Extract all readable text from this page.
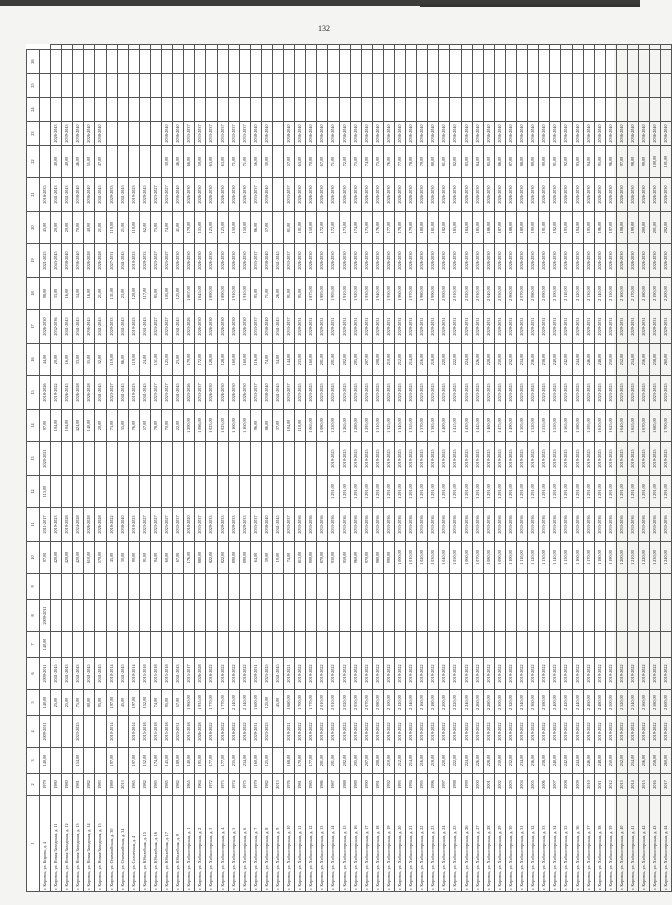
1	2	3	4	5	6	7	8	9	10	11	12	13	14	15	16	17	18	19	20	21	22	23	24	25	26	
г. Кировск, ул. Кирова, д. 4	1979	140,00	2009-2011	140,00	2009-2011	140,00	2009-2011		97,00	2011-2017	113,00	2020-2021	97,00	2018-2026	44,00	2026-2030	98,00	2021-2025	45,00	2018-2035						
г. Кировск, ул. Новая Заводская, д. 11	1980			25,00	2041-2045				420,00	2019-2023			104,00	2019-2022	20,00	2032-2036	33,00	2043-2045	20,00	2041-2043	40,00	2026-2043				
г. Кировск, ул. Новая Заводская, д. 12	1980			25,00	2041-2043				420,00	2019-2028			104,00	2026-2045	16,00	2041-2045	16,00	2038-2040	20,00	2041-2043	40,00	2039-2043				
г. Кировск, ул. Новая Заводская, д. 13	1981	154,00	2023-2025	75,00	2041-2043				420,00	2024-2028			424,00	2026-2028	33,00	2041-2045	34,00	2036-2040	70,00	2038-2040	46,00	2038-2040				
г. Кировск, ул. Новая Заводская, д. 14	1982			80,00	2041-2045				610,00	2026-2028			140,00	2026-2028	35,00	2036-2045	16,00	2026-2028	40,00	2036-2040	51,00	2026-2040				
г. Кировск, ул. Новая Заводская, д. 15	1983			95,00	2041-2045				570,00	2026-2028			20,00	2041-2045	32,00	2041-2045	21,00	2026-2028	21,00	2041-2045	47,00	2038-2040				
г. Кировск, ул. Олимпийская, д. 30	1989	197,00	2010-2014	197,00	2010-2014				45,00	2018-2022			73,00	2023-2027	119,00	2029-2033	131,00	2027-2031	119,00	2029-2033						
г. Кировск, ул. Олимпийская, д. 34	2013			45,00	2041-2045				30,00	2038-2040			35,00	2041-2045	86,00	2041-2045	23,00	2041-2045	21,00	2041-2045						
г. Кировск, ул. Солнечная, д. 4	1985	197,00	2010-2014	197,00	2010-2014				90,00	2019-2023			76,00	2019-2023	119,00	2019-2023	120,00	2019-2023	119,00	2019-2023						
г. Кировск, ул. Юбилейная, д. 15	1982	152,00	2015-2018	152,00	2015-2018				91,00	2023-2027			57,00	2041-2045	24,00	2041-2043	117,00	2029-2033	62,00	2029-2045						
г. Кировск, ул. Юбилейная, д. 16	1985	174,00	2015-2018	74,00	2015-2018				94,00	2023-2027			78,00	2023-2027	151,00	2023-2027	85,00	2023-2027	75,00	2023-2027						
г. Кировск, ул. Юбилейная, д. 17	1985	145,00	2015-2018	95,00	2015-2018				60,00	2023-2027			70,00	2023-2027	125,00	2023-2027	105,00	2023-2027	74,00	2023-2027	30,00	2038-2040				
г. Кировск, ул. Юбилейная, д. 9	1982	189,00	2023-2031	57,00	2041-2043				67,00	2033-2037			22,00	2041-2045	23,00	2041-2045	125,00	2026-2030	41,00	2036-2040	46,00	2036-2040				
г. Кировск, ул. Хибиногорская, д. 1	1965	140,00	2015-2018	1 960,00	2015-2017				176,00	2018-2020			1 290,00	2023-2026	179,00	2023-2026	1 867,00	2026-2030	179,00	2026-2030	66,00	2033-2037				
г. Кировск, ул. Хибиногорская, д. 2	1964	195,00	2026-2028	1 935,00	2026-2028				880,00	2033-2037			1 086,00	2033-2037	172,00	2026-2030	1 645,00	2026-2030	155,00	2026-2030	59,00	2033-2037				
г. Кировск, ул. Хибиногорская, д. 3	1972	177,00	2018-2022	1 770,00	2018-2022				822,00	2029-2033			1 023,00	2026-2030	128,00	2026-2030	1 890,00	2026-2030	123,00	2026-2030	63,00	2033-2037				
г. Кировск, ул. Хибиногорская, д. 4	1973	177,00	2018-2022	1 770,00	2018-2022				822,00	2029-2033			1 023,00	2026-2030	128,00	2026-2030	1 890,00	2026-2030	123,00	2026-2030	63,00	2033-2037				
г. Кировск, ул. Хибиногорская, д. 5	1974	235,00	2018-2022	2 140,00	2018-2022				890,00	2029-2033			1 160,00	2026-2030	160,00	2026-2030	1 910,00	2026-2030	150,00	2026-2030	71,00	2033-2037				
г. Кировск, ул. Хибиногорская, д. 6	1975	234,00	2018-2022	2 140,00	2018-2022				890,00	2029-2033			1 160,00	2026-2030	160,00	2026-2030	1 910,00	2026-2030	150,00	2026-2030	71,00	2033-2037				
г. Кировск, ул. Хибиногорская, д. 7	1979	160,00	2029-2031	1 600,00	2029-2031				64,00	2033-2037			96,00	2033-2037	116,00	2033-2037	95,00	2033-2037	86,00	2033-2037	56,00	2038-2040				
г. Кировск, ул. Хибиногорская, д. 8	1982	125,00	2023-2025	125,00	2023-2025				59,00	2038-2040			86,00	2038-2040	74,00	2038-2040	71,00	2038-2040	57,00	2038-2040	30,00	2036-2040				
г. Кировск, ул. Хибиногорская, д. 9	2013			45,00	2041-2045				19,00	2041-2045			37,00	2041-2045	34,00	2041-2045	26,00	2041-2045								
г. Кировск, ул. Хибиногорская, д. 10	1976	168,00	2019-2021	1 680,00	2019-2021				74,00	2033-2037			104,00	2033-2037	144,00	2033-2037	91,00	2033-2037	81,00	2033-2037	57,00	2038-2040				
г. Кировск, ул. Хибиногорская, д. 11	1981	170,00	2019-2022	1 700,00	2019-2022				813,00	2033-2036			110,00	2023-2025	233,00	2029-2031	95,00	2026-2030	101,00	2026-2030	63,00	2036-2040				
г. Кировск, ул. Хибиногорская, д. 12	1985	177,00	2019-2022	1 770,00	2019-2022				900,00	2033-2036			1 065,00	2023-2025	160,00	2029-2031	1 875,00	2026-2030	150,00	2026-2030	70,00	2036-2040				
г. Кировск, ул. Хибиногорская, д. 13	1986	201,00	2019-2022	2 010,00	2019-2022				870,00	2033-2036			1 080,00	2023-2025	201,00	2029-2031	1 895,00	2026-2030	172,00	2026-2030	67,00	2036-2040				
г. Кировск, ул. Хибиногорская, д. 14	1987	201,00	2019-2022	2 010,00	2019-2022				930,00	2033-2036	1 291,00	2019-2025	1 250,00	2023-2025	201,00	2029-2031	1 905,00	2026-2030	172,00	2026-2030	71,00	2036-2040				
г. Кировск, ул. Хибиногорская, д. 15	1988	202,00	2019-2022	2 020,00	2019-2022				950,00	2033-2036	1 291,00	2019-2025	1 265,00	2023-2025	202,00	2029-2031	1 910,00	2026-2030	173,00	2026-2030	72,00	2036-2040				
г. Кировск, ул. Хибиногорская, д. 16	1989	205,00	2019-2022	2 050,00	2019-2022				960,00	2033-2036	1 291,00	2019-2025	1 280,00	2023-2025	205,00	2029-2031	1 920,00	2026-2030	174,00	2026-2030	73,00	2036-2040				
г. Кировск, ул. Хибиногорская, д. 17	1990	207,00	2019-2022	2 070,00	2019-2022				970,00	2033-2036	1 291,00	2019-2025	1 295,00	2023-2025	207,00	2029-2031	1 930,00	2026-2030	175,00	2026-2030	74,00	2036-2040				
г. Кировск, ул. Хибиногорская, д. 18	1991	208,00	2019-2022	2 080,00	2019-2022				980,00	2033-2036	1 291,00	2019-2025	1 310,00	2023-2025	208,00	2029-2031	1 940,00	2026-2030	176,00	2026-2030	75,00	2036-2040				
г. Кировск, ул. Хибиногорская, д. 19	1992	210,00	2019-2022	2 100,00	2019-2022				990,00	2033-2036	1 291,00	2019-2025	1 325,00	2023-2025	210,00	2029-2031	1 950,00	2026-2030	177,00	2026-2030	76,00	2036-2040				
г. Кировск, ул. Хибиногорская, д. 20	1993	212,00	2019-2022	2 120,00	2019-2022				1 000,00	2033-2036	1 291,00	2019-2025	1 340,00	2023-2025	212,00	2029-2031	1 960,00	2026-2030	178,00	2026-2030	77,00	2036-2040				
г. Кировск, ул. Хибиногорская, д. 21	1994	214,00	2019-2022	2 140,00	2019-2022				1 010,00	2033-2036	1 291,00	2019-2025	1 355,00	2023-2025	214,00	2029-2031	1 970,00	2026-2030	179,00	2026-2030	78,00	2036-2040				
г. Кировск, ул. Хибиногорская, д. 22	1995	216,00	2019-2022	2 160,00	2019-2022				1 020,00	2033-2036	1 291,00	2019-2025	1 370,00	2023-2025	216,00	2029-2031	1 980,00	2026-2030	180,00	2026-2030	79,00	2036-2040				
г. Кировск, ул. Хибиногорская, д. 23	1996	218,00	2019-2022	2 180,00	2019-2022				1 030,00	2033-2036	1 291,00	2019-2025	1 385,00	2023-2025	218,00	2029-2031	1 990,00	2026-2030	181,00	2026-2030	80,00	2036-2040				
г. Кировск, ул. Хибиногорская, д. 24	1997	220,00	2019-2022	2 200,00	2019-2022				1 040,00	2033-2036	1 291,00	2019-2025	1 400,00	2023-2025	220,00	2029-2031	2 000,00	2026-2030	182,00	2026-2030	81,00	2036-2040				
г. Кировск, ул. Хибиногорская, д. 25	1998	222,00	2019-2022	2 220,00	2019-2022				1 050,00	2033-2036	1 291,00	2019-2025	1 415,00	2023-2025	222,00	2029-2031	2 010,00	2026-2030	183,00	2026-2030	82,00	2036-2040				
г. Кировск, ул. Хибиногорская, д. 26	1999	224,00	2019-2022	2 240,00	2019-2022				1 060,00	2033-2036	1 291,00	2019-2025	1 430,00	2023-2025	224,00	2029-2031	2 020,00	2026-2030	184,00	2026-2030	83,00	2036-2040				
г. Кировск, ул. Хибиногорская, д. 27	2000	226,00	2019-2022	2 260,00	2019-2022				1 070,00	2033-2036	1 291,00	2019-2025	1 445,00	2023-2025	226,00	2029-2031	2 030,00	2026-2030	185,00	2026-2030	84,00	2036-2040				
г. Кировск, ул. Хибиногорская, д. 28	2001	228,00	2019-2022	2 280,00	2019-2022				1 080,00	2033-2036	1 291,00	2019-2025	1 460,00	2023-2025	228,00	2029-2031	2 040,00	2026-2030	186,00	2026-2030	85,00	2036-2040				
г. Кировск, ул. Хибиногорская, д. 29	2002	230,00	2019-2022	2 300,00	2019-2022				1 090,00	2033-2036	1 291,00	2019-2025	1 475,00	2023-2025	230,00	2029-2031	2 050,00	2026-2030	187,00	2026-2030	86,00	2036-2040				
г. Кировск, ул. Хибиногорская, д. 30	2003	232,00	2019-2022	2 320,00	2019-2022				1 100,00	2033-2036	1 291,00	2019-2025	1 490,00	2023-2025	232,00	2029-2031	2 060,00	2026-2030	188,00	2026-2030	87,00	2036-2040				
г. Кировск, ул. Хибиногорская, д. 31	2004	234,00	2019-2022	2 340,00	2019-2022				1 110,00	2033-2036	1 291,00	2019-2025	1 505,00	2023-2025	234,00	2029-2031	2 070,00	2026-2030	189,00	2026-2030	88,00	2036-2040				
г. Кировск, ул. Хибиногорская, д. 32	2005	236,00	2019-2022	2 360,00	2019-2022				1 120,00	2033-2036	1 291,00	2019-2025	1 520,00	2023-2025	236,00	2029-2031	2 080,00	2026-2030	190,00	2026-2030	89,00	2036-2040				
г. Кировск, ул. Хибиногорская, д. 33	2006	238,00	2019-2022	2 380,00	2019-2022				1 130,00	2033-2036	1 291,00	2019-2025	1 535,00	2023-2025	238,00	2029-2031	2 090,00	2026-2030	191,00	2026-2030	90,00	2036-2040				
г. Кировск, ул. Хибиногорская, д. 34	2007	240,00	2019-2022	2 400,00	2019-2022				1 140,00	2033-2036	1 291,00	2019-2025	1 550,00	2023-2025	240,00	2029-2031	2 100,00	2026-2030	192,00	2026-2030	91,00	2036-2040				
г. Кировск, ул. Хибиногорская, д. 35	2008	242,00	2019-2022	2 420,00	2019-2022				1 150,00	2033-2036	1 291,00	2019-2025	1 565,00	2023-2025	242,00	2029-2031	2 110,00	2026-2030	193,00	2026-2030	92,00	2036-2040				
г. Кировск, ул. Хибиногорская, д. 36	2009	244,00	2019-2022	2 440,00	2019-2022				1 160,00	2033-2036	1 291,00	2019-2025	1 580,00	2023-2025	244,00	2029-2031	2 120,00	2026-2030	194,00	2026-2030	93,00	2036-2040				
г. Кировск, ул. Хибиногорская, д. 37	2010	246,00	2019-2022	2 460,00	2019-2022				1 170,00	2033-2036	1 291,00	2019-2025	1 595,00	2023-2025	246,00	2029-2031	2 130,00	2026-2030	195,00	2026-2030	94,00	2036-2040				
г. Кировск, ул. Хибиногорская, д. 38	2011	248,00	2019-2022	2 480,00	2019-2022				1 180,00	2033-2036	1 291,00	2019-2025	1 610,00	2023-2025	248,00	2029-2031	2 140,00	2026-2030	196,00	2026-2030	95,00	2036-2040				
г. Кировск, ул. Хибиногорская, д. 39	2012	250,00	2019-2022	2 500,00	2019-2022				1 190,00	2033-2036	1 291,00	2019-2025	1 625,00	2023-2025	250,00	2029-2031	2 150,00	2026-2030	197,00	2026-2030	96,00	2036-2040				
г. Кировск, ул. Хибиногорская, д. 40	2013	252,00	2019-2022	2 520,00	2019-2022				1 200,00	2033-2036	1 291,00	2019-2025	1 640,00	2023-2025	252,00	2029-2031	2 160,00	2026-2030	198,00	2026-2030	97,00	2036-2040				
г. Кировск, ул. Хибиногорская, д. 41	2014	254,00	2019-2022	2 540,00	2019-2022				1 210,00	2033-2036	1 291,00	2019-2025	1 655,00	2023-2025	254,00	2029-2031	2 170,00	2026-2030	199,00	2026-2030	98,00	2036-2040				
г. Кировск, ул. Хибиногорская, д. 42	2015	256,00	2019-2022	2 560,00	2019-2022				1 220,00	2033-2036	1 291,00	2019-2025	1 670,00	2023-2025	256,00	2029-2031	2 180,00	2026-2030	200,00	2026-2030	99,00	2036-2040				
г. Кировск, ул. Хибиногорская, д. 43	2016	258,00	2019-2022	2 580,00	2019-2022				1 230,00	2033-2036	1 291,00	2019-2025	1 685,00	2023-2025	258,00	2029-2031	2 190,00	2026-2030	201,00	2026-2030	100,00	2036-2040				
г. Кировск, ул. Хибиногорская, д. 44	2017	260,00	2019-2022	2 600,00	2019-2022				1 240,00	2033-2036	1 291,00	2019-2025	1 700,00	2023-2025	260,00	2029-2031	2 200,00	2026-2030	202,00	2026-2030	101,00	2036-2040				
132
